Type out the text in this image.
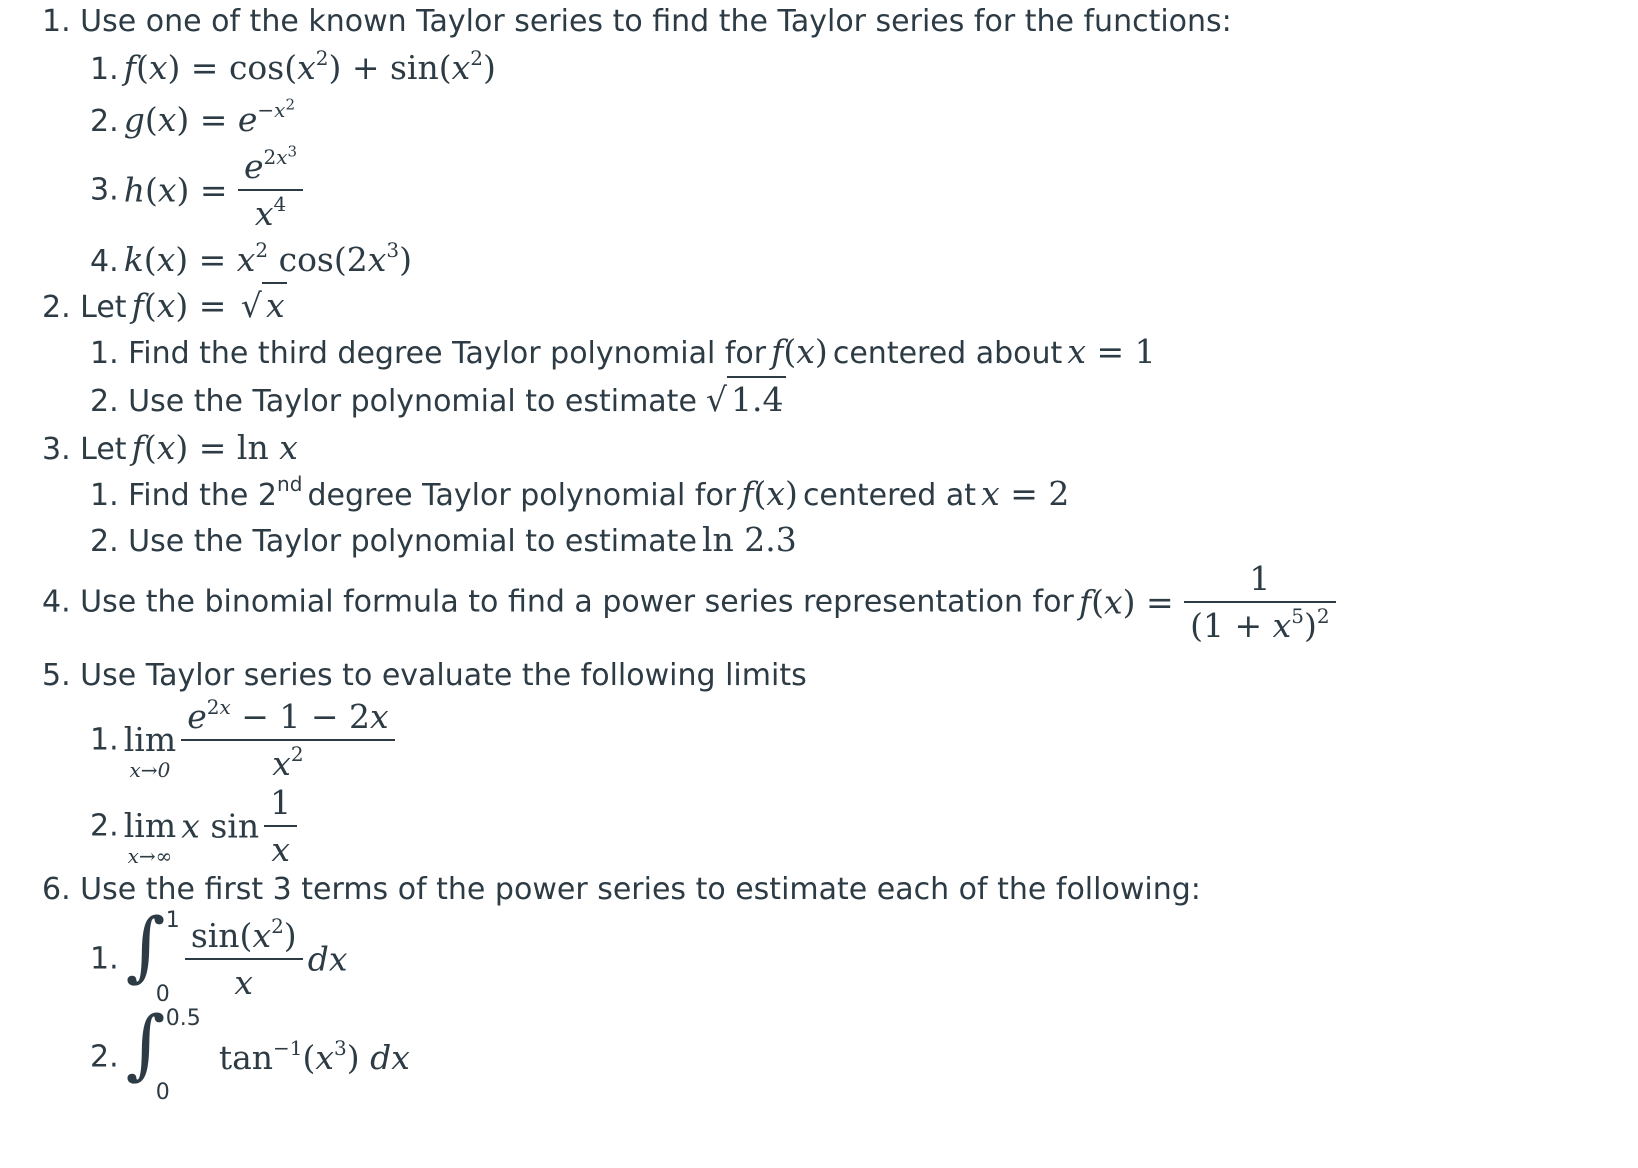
1. Use one of the known Taylor series to find the Taylor series for the functions:
1. $f(x) = \cos(x^2) + \sin(x^2)$
2. $g(x) = e^{-x^2}$
3. $h(x) = \frac{e^{2x^3}}{x^4}$
4. $k(x) = x^2$ $\cos(2x^3)$
2. Let f(x) = √ x
1. Find the third degree Taylor polynomial for f(x) centered about x = 1
2. Use the Taylor polynomial to estimate √ 1.4
3. Let f(x) = ln x
1. Find the 2nd degree Taylor polynomial for f(x) centered at x = 2
2. Use the Taylor polynomial to estimate ln 2.3
4. Use the binomial formula to find a power series representation for $f(x) = \frac{1}{(1 + x^5)^2}$
5. Use Taylor series to evaluate the following limits
1. lim
x→0
$\frac{e^{2x} - 1 - 2x}{x^2}$
2. lim
x→∞
x $\sin \frac{1}{x}$
6. Use the first 3 terms of the power series to estimate each of the following:
1. ∫ 1
0
$\frac{\sin(x^2)}{x}$ dx
2. ∫ 0.5
0
$\tan^{-1}(x^3)$ dx
